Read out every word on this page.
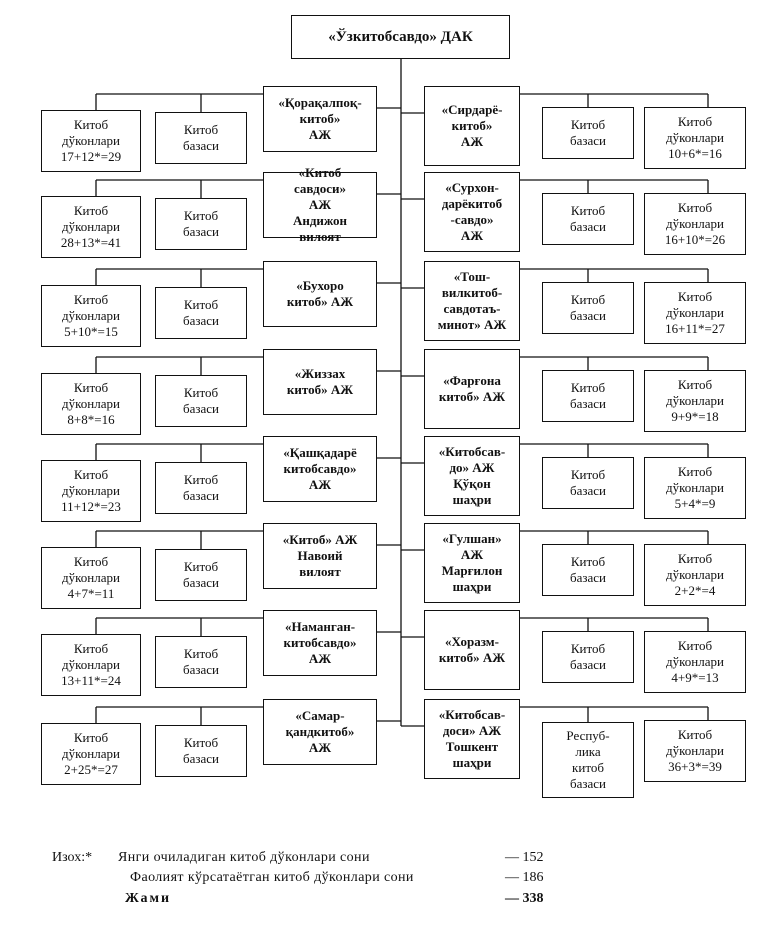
«Ўзкитобсавдо» ДАК
«Қорақалпоқ-
китоб»
АЖ
Китоб
базаси
Китоб
дўконлари
17+12*=29
«Сирдарё-
китоб»
АЖ
Китоб
базаси
Китоб
дўконлари
10+6*=16
«Китоб
савдоси»
АЖ
Андижон
вилоят
Китоб
базаси
Китоб
дўконлари
28+13*=41
«Сурхон-
дарёкитоб
-савдо»
АЖ
Китоб
базаси
Китоб
дўконлари
16+10*=26
«Бухоро
китоб» АЖ
Китоб
базаси
Китоб
дўконлари
5+10*=15
«Тош-
вилкитоб-
савдотаъ-
минот» АЖ
Китоб
базаси
Китоб
дўконлари
16+11*=27
«Жиззах
китоб» АЖ
Китоб
базаси
Китоб
дўконлари
8+8*=16
«Фарғона
китоб» АЖ
Китоб
базаси
Китоб
дўконлари
9+9*=18
«Қашқадарё
китобсавдо»
АЖ
Китоб
базаси
Китоб
дўконлари
11+12*=23
«Китобсав-
до» АЖ
Қўқон
шаҳри
Китоб
базаси
Китоб
дўконлари
5+4*=9
«Китоб» АЖ
Навоий
вилоят
Китоб
базаси
Китоб
дўконлари
4+7*=11
«Гулшан»
АЖ
Марғилон
шаҳри
Китоб
базаси
Китоб
дўконлари
2+2*=4
«Наманган-
китобсавдо»
АЖ
Китоб
базаси
Китоб
дўконлари
13+11*=24
«Хоразм-
китоб» АЖ
Китоб
базаси
Китоб
дўконлари
4+9*=13
«Самар-
қандкитоб»
АЖ
Китоб
базаси
Китоб
дўконлари
2+25*=27
«Китобсав-
доси» АЖ
Тошкент
шаҳри
Респуб-
лика
китоб
базаси
Китоб
дўконлари
36+3*=39
Изох:* Янги очиладиган китоб дўконлари сони	— 152
Фаолият кўрсатаётган китоб дўконлари сони	— 186
Жами	— 338
